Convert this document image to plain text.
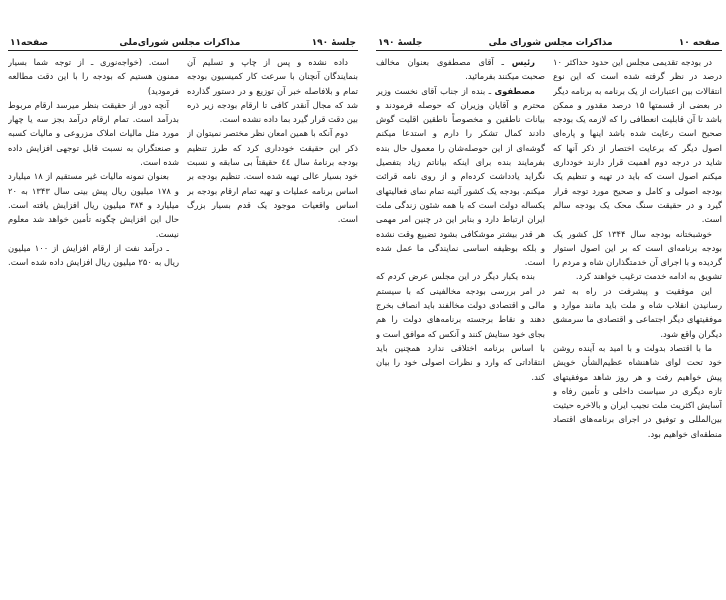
صفحه ۱۰
مذاکرات مجلس شورای ملی
جلسهٔ ۱۹۰

در بودجه تقدیمی مجلس این حدود حداکثر ۱۰ درصد در نظر گرفته شده است که این نوع انتقالات بین اعتبارات از یک برنامه به برنامه دیگر در بعضی از قسمتها ۱۵ درصد مقدور و ممکن باشد تا آن قابلیت انعطافی را که لازمه یک بودجه صحیح است رعایت شده باشد اینها و پاره‌ای اصول دیگر که برعایت اختصار از ذکر آنها که شاید در درجه دوم اهمیت قرار دارند خودداری میکنم اصول است که باید در تهیه و تنظیم یک بودجه اصولی و کامل و صحیح مورد توجه قرار گیرد و در حقیقت سنگ محک یک بودجه سالم است.

خوشبختانه بودجه سال ۱۳۴۴ کل کشور یک بودجه برنامه‌ای است که بر این اصول استوار گردیده و با اجرای آن خدمتگذاران شاه و مردم را تشویق به ادامه خدمت ترغیب خواهند کرد.

این موفقیت و پیشرفت در راه به ثمر رسانیدن انقلاب شاه و ملت باید مانند موارد و موفقیتهای دیگر اجتماعی و اقتصادی ما سرمشق دیگران واقع شود.

ما با اقتصاد بدولت و با امید به آینده روشن خود تحت لوای شاهنشاه عظیم‌الشأن خویش پیش خواهیم رفت و هر روز شاهد موفقیتهای تازه دیگری در سیاست داخلی و تأمین رفاه و آسایش اکثریت ملت نجیب ایران و بالاخره حیثیت بین‌المللی و توفیق در اجرای برنامه‌های اقتصاد منطقه‌ای خواهیم بود.

رئیس ـ آقای مصطفوی بعنوان مخالف صحبت میکنند بفرمائید.

مصطفوی ـ بنده از جناب آقای نخست وزیر محترم و آقایان وزیران که حوصله فرمودند و بیانات ناطقین و مخصوصاً ناطقین اقلیت گوش دادند کمال تشکر را دارم و استدعا میکنم گوشه‌ای از این حوصله‌شان را معمول حال بنده بفرمایند بنده برای اینکه بیاناتم زیاد بتفصیل نگراید یادداشت کرده‌ام و از روی نامه قرائت میکنم. بودجه یک کشور آئینه تمام نمای فعالیتهای یکساله دولت است که با همه شئون زندگی ملت ایران ارتباط دارد و بنابر این در چنین امر مهمی هر قدر بیشتر موشکافی بشود تضییع وقت نشده و بلکه بوظیفه اساسی نمایندگی ما عمل شده است.

بنده یکبار دیگر در این مجلس عرض کردم که در امر بررسی بودجه مخالفینی که با سیستم مالی و اقتصادی دولت مخالفند باید انصاف بخرج دهند و نقاط برجسته برنامه‌های دولت را هم بجای خود ستایش کنند و آنکس که موافق است و با اساس برنامه اختلافی ندارد همچنین باید انتقاداتی که وارد و نظرات اصولی خود را بیان کند.

جلسهٔ ۱۹۰
مذاکرات مجلس شورای‌ملی
صفحه۱۱

داده نشده و پس از چاپ و تسلیم آن بنمایندگان آنچنان با سرعت کار کمیسیون بودجه تمام و بلافاصله خبر آن توزیع و در دستور گذارده شد که مجال آنقدر کافی تا ارقام بودجه زیر ذره بین دقت قرار گیرد بما داده نشده است.

دوم آنکه با همین امعان نظر مختصر نمیتوان از ذکر این حقیقت خودداری کرد که طرز تنظیم بودجه برنامهٔ سال ٤٤ حقیقتاً بی سابقه و نسبت خود بسیار عالی تهیه شده است. تنظیم بودجه بر اساس برنامه عملیات و تهیه تمام ارقام بودجه بر اساس واقعیات موجود یک قدم بسیار بزرگ است.

است. (خواجه‌نوری ـ از توجه شما بسیار ممنون هستیم که بودجه را با این دقت مطالعه فرمودید)

آنچه دور از حقیقت بنظر میرسد ارقام مربوط بدرآمد است. تمام ارقام درآمد بجز سه یا چهار مورد مثل مالیات املاک مزروعی و مالیات کسبه و صنعتگران به نسبت قابل توجهی افزایش داده شده است.

بعنوان نمونه مالیات غیر مستقیم از ۱۸ میلیارد و ۱۷۸ میلیون ریال پیش بینی سال ۱۳۴۳ به ۲۰ میلیارد و ۳۸۴ میلیون ریال افزایش یافته است. حال این افزایش چگونه تأمین خواهد شد معلوم نیست.

ـ درآمد نفت از ارقام افزایش از ۱۰۰ میلیون ریال به ۲۵۰ میلیون ریال افزایش داده شده است.
